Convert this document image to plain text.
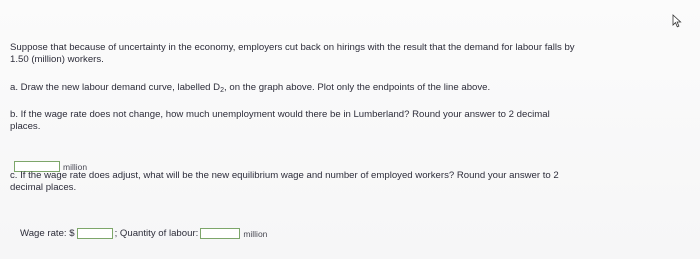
Suppose that because of uncertainty in the economy, employers cut back on hirings with the result that the demand for labour falls by
1.50 (million) workers.
a. Draw the new labour demand curve, labelled $D_2$, on the graph above. Plot only the endpoints of the line above.
b. If the wage rate does not change, how much unemployment would there be in Lumberland? Round your answer to 2 decimal
places.
million
c. If the wage rate does adjust, what will be the new equilibrium wage and number of employed workers? Round your answer to 2
decimal places.
Wage rate: $	; Quantity of labour:	million
